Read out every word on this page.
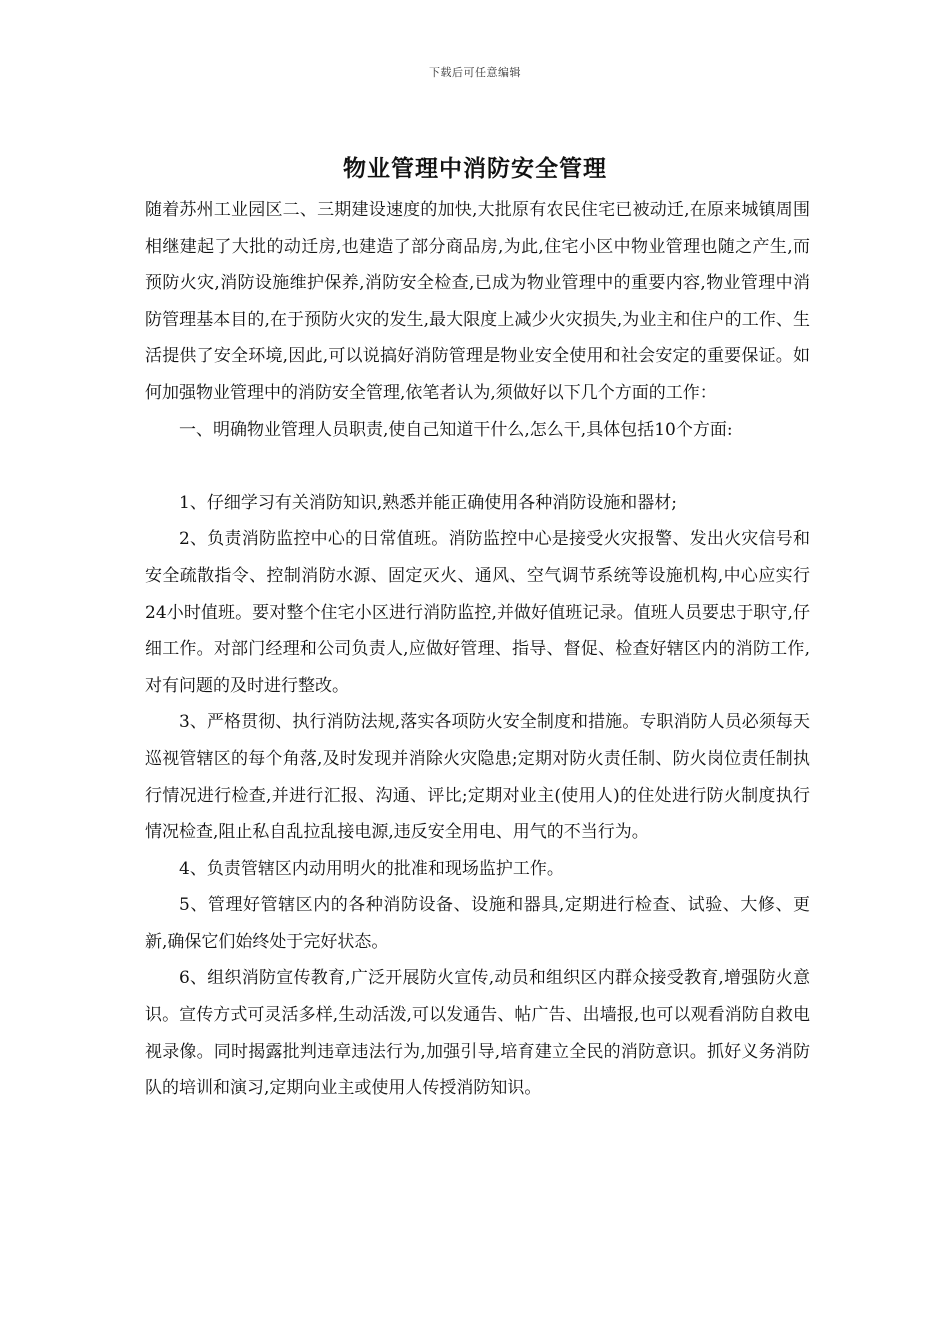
下载后可任意编辑
物业管理中消防安全管理

随着苏州工业园区二、三期建设速度的加快,大批原有农民住宅已被动迁,在原来城镇周围相继建起了大批的动迁房,也建造了部分商品房,为此,住宅小区中物业管理也随之产生,而预防火灾,消防设施维护保养,消防安全检查,已成为物业管理中的重要内容,物业管理中消防管理基本目的,在于预防火灾的发生,最大限度上减少火灾损失,为业主和住户的工作、生活提供了安全环境,因此,可以说搞好消防管理是物业安全使用和社会安定的重要保证。如何加强物业管理中的消防安全管理,依笔者认为,须做好以下几个方面的工作：

一、明确物业管理人员职责,使自己知道干什么,怎么干,具体包括10个方面:

1、仔细学习有关消防知识,熟悉并能正确使用各种消防设施和器材;

2、负责消防监控中心的日常值班。消防监控中心是接受火灾报警、发出火灾信号和安全疏散指令、控制消防水源、固定灭火、通风、空气调节系统等设施机构,中心应实行24小时值班。要对整个住宅小区进行消防监控,并做好值班记录。值班人员要忠于职守,仔细工作。对部门经理和公司负责人,应做好管理、指导、督促、检查好辖区内的消防工作,对有问题的及时进行整改。

3、严格贯彻、执行消防法规,落实各项防火安全制度和措施。专职消防人员必须每天巡视管辖区的每个角落,及时发现并消除火灾隐患;定期对防火责任制、防火岗位责任制执行情况进行检查,并进行汇报、沟通、评比;定期对业主(使用人)的住处进行防火制度执行情况检查,阻止私自乱拉乱接电源,违反安全用电、用气的不当行为。

4、负责管辖区内动用明火的批准和现场监护工作。

5、管理好管辖区内的各种消防设备、设施和器具,定期进行检查、试验、大修、更新,确保它们始终处于完好状态。

6、组织消防宣传教育,广泛开展防火宣传,动员和组织区内群众接受教育,增强防火意识。宣传方式可灵活多样,生动活泼,可以发通告、帖广告、出墙报,也可以观看消防自救电视录像。同时揭露批判违章违法行为,加强引导,培育建立全民的消防意识。抓好义务消防队的培训和演习,定期向业主或使用人传授消防知识。
